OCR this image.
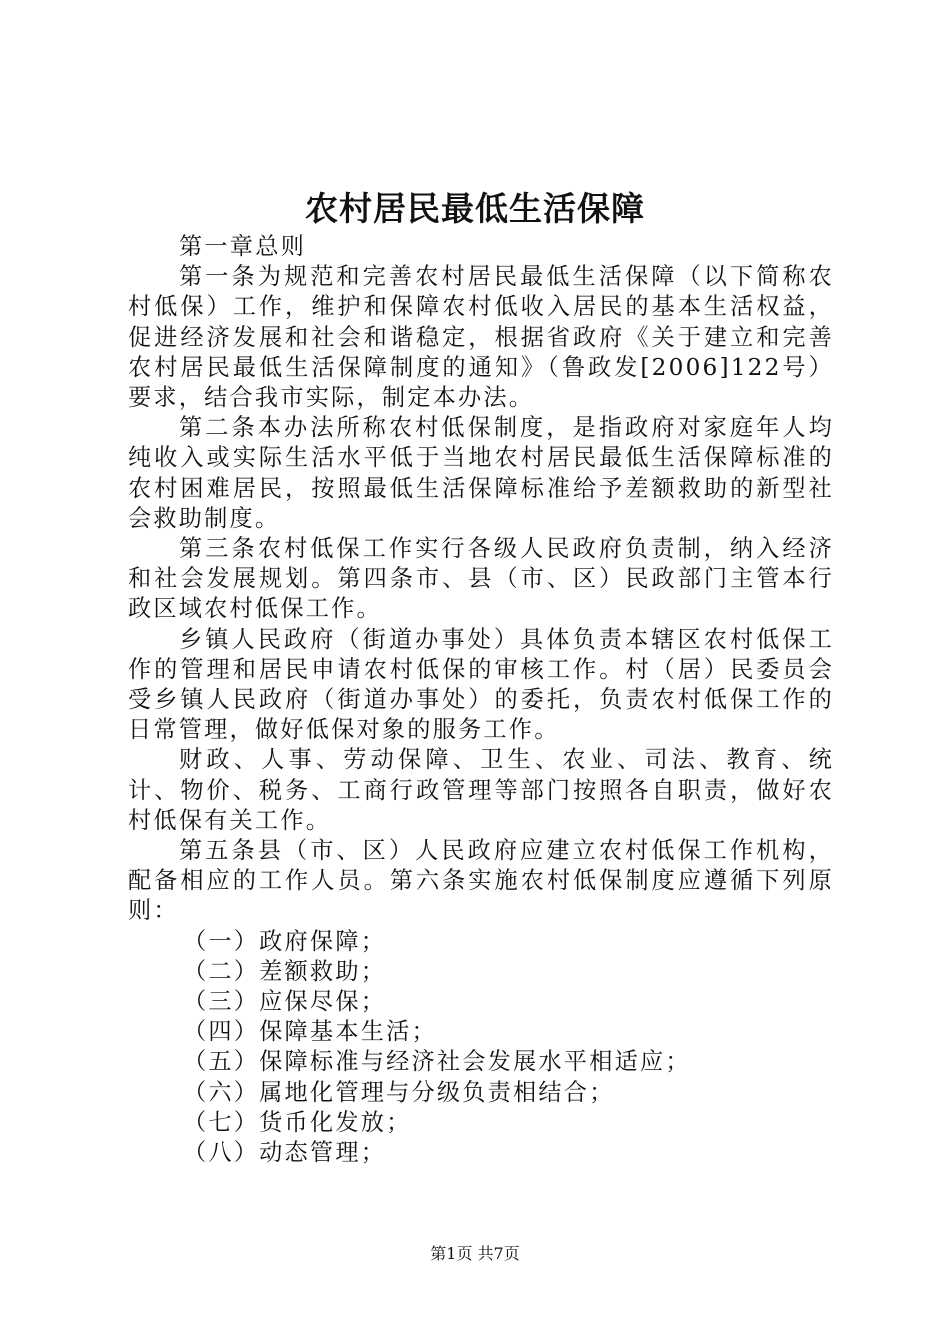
农村居民最低生活保障

第一章总则

第一条为规范和完善农村居民最低生活保障（以下简称农村低保）工作，维护和保障农村低收入居民的基本生活权益，促进经济发展和社会和谐稳定，根据省政府《关于建立和完善农村居民最低生活保障制度的通知》（鲁政发[2006]122号）要求，结合我市实际，制定本办法。

第二条本办法所称农村低保制度，是指政府对家庭年人均纯收入或实际生活水平低于当地农村居民最低生活保障标准的农村困难居民，按照最低生活保障标准给予差额救助的新型社会救助制度。

第三条农村低保工作实行各级人民政府负责制，纳入经济和社会发展规划。第四条市、县（市、区）民政部门主管本行政区域农村低保工作。

乡镇人民政府（街道办事处）具体负责本辖区农村低保工作的管理和居民申请农村低保的审核工作。村（居）民委员会受乡镇人民政府（街道办事处）的委托，负责农村低保工作的日常管理，做好低保对象的服务工作。

财政、人事、劳动保障、卫生、农业、司法、教育、统计、物价、税务、工商行政管理等部门按照各自职责，做好农村低保有关工作。

第五条县（市、区）人民政府应建立农村低保工作机构，配备相应的工作人员。第六条实施农村低保制度应遵循下列原则：

（一）政府保障；

（二）差额救助；

（三）应保尽保；

（四）保障基本生活；

（五）保障标准与经济社会发展水平相适应；

（六）属地化管理与分级负责相结合；

（七）货币化发放；

（八）动态管理；

第1页 共7页
